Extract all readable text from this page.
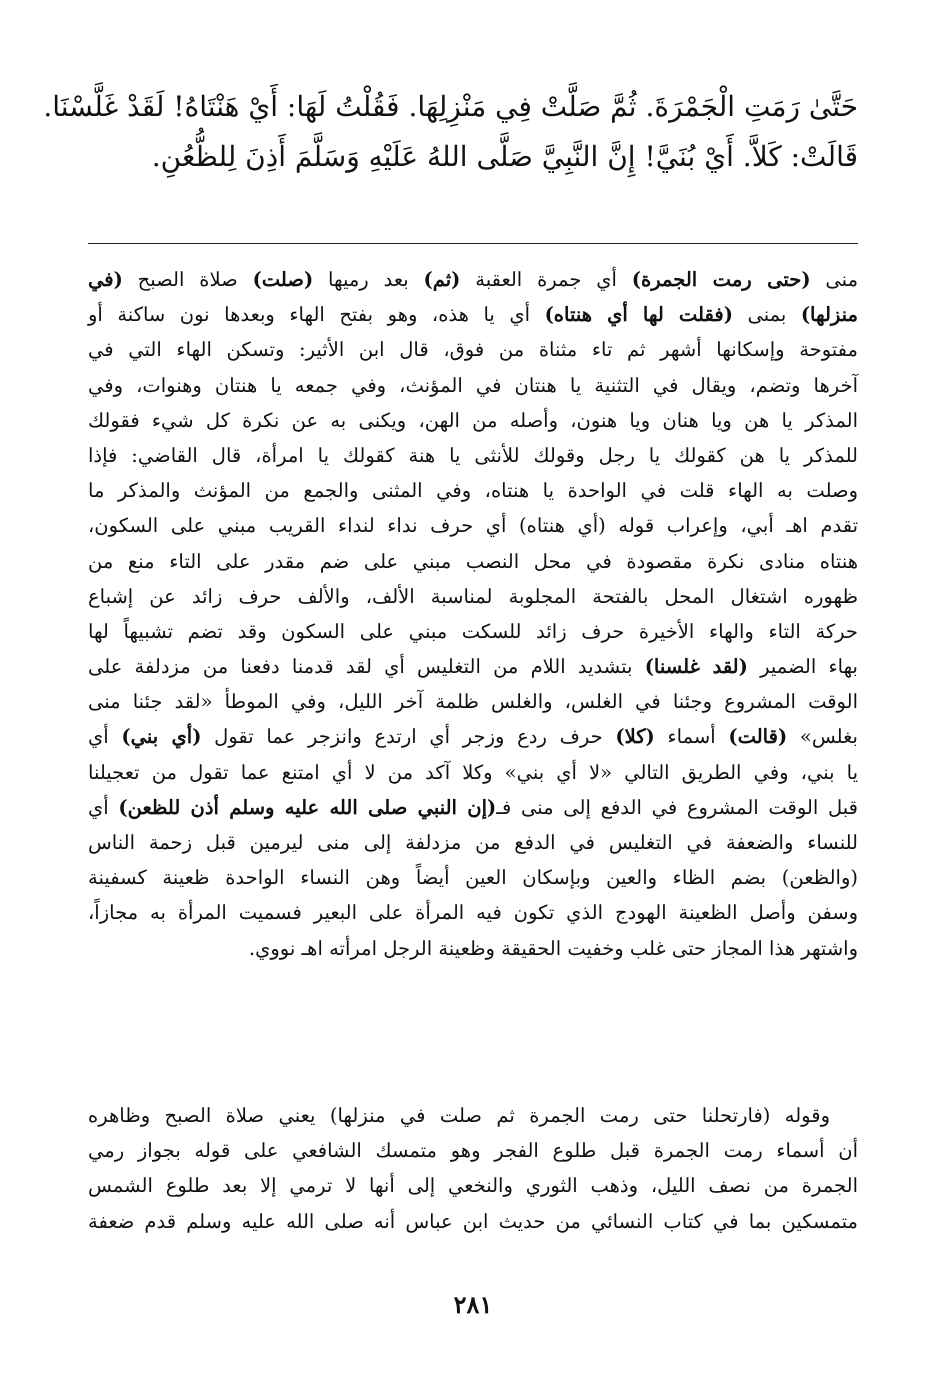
حَتَّىٰ رَمَتِ الْجَمْرَةَ. ثُمَّ صَلَّتْ فِي مَنْزِلِهَا. فَقُلْتُ لَهَا: أَيْ هَنْتَاهُ! لَقَدْ غَلَّسْنَا.

قَالَتْ: كَلاَّ. أَيْ بُنَيَّ! إِنَّ النَّبِيَّ صَلَّى اللهُ عَلَيْهِ وَسَلَّمَ أَذِنَ لِلظُّعُنِ.

منى (حتى رمت الجمرة) أي جمرة العقبة (ثم) بعد رميها (صلت) صلاة الصبح (في
منزلها) بمنى (فقلت لها أي هنتاه) أي يا هذه، وهو بفتح الهاء وبعدها نون ساكنة أو
مفتوحة وإسكانها أشهر ثم تاء مثناة من فوق، قال ابن الأثير: وتسكن الهاء التي في
آخرها وتضم، ويقال في التثنية يا هنتان في المؤنث، وفي جمعه يا هنتان وهنوات، وفي
المذكر يا هن ويا هنان ويا هنون، وأصله من الهن، ويكنى به عن نكرة كل شيء فقولك
للمذكر يا هن كقولك يا رجل وقولك للأنثى يا هنة كقولك يا امرأة، قال القاضي: فإذا
وصلت به الهاء قلت في الواحدة يا هنتاه، وفي المثنى والجمع من المؤنث والمذكر ما
تقدم اهـ أبي، وإعراب قوله (أي هنتاه) أي حرف نداء لنداء القريب مبني على السكون،
هنتاه منادى نكرة مقصودة في محل النصب مبني على ضم مقدر على التاء منع من
ظهوره اشتغال المحل بالفتحة المجلوبة لمناسبة الألف، والألف حرف زائد عن إشباع
حركة التاء والهاء الأخيرة حرف زائد للسكت مبني على السكون وقد تضم تشبيهاً لها
بهاء الضمير (لقد غلسنا) بتشديد اللام من التغليس أي لقد قدمنا دفعنا من مزدلفة على
الوقت المشروع وجئنا في الغلس، والغلس ظلمة آخر الليل، وفي الموطأ «لقد جئنا منى
بغلس» (قالت) أسماء (كلا) حرف ردع وزجر أي ارتدع وانزجر عما تقول (أي بني) أي
يا بني، وفي الطريق التالي «لا أي بني» وكلا آكد من لا أي امتنع عما تقول من تعجيلنا
قبل الوقت المشروع في الدفع إلى منى فـ(إن النبي صلى الله عليه وسلم أذن للظعن) أي
للنساء والضعفة في التغليس في الدفع من مزدلفة إلى منى ليرمين قبل زحمة الناس
(والظعن) بضم الظاء والعين وبإسكان العين أيضاً وهن النساء الواحدة ظعينة كسفينة
وسفن وأصل الظعينة الهودج الذي تكون فيه المرأة على البعير فسميت المرأة به مجازاً،
واشتهر هذا المجاز حتى غلب وخفيت الحقيقة وظعينة الرجل امرأته اهـ نووي.
وقوله (فارتحلنا حتى رمت الجمرة ثم صلت في منزلها) يعني صلاة الصبح وظاهره
أن أسماء رمت الجمرة قبل طلوع الفجر وهو متمسك الشافعي على قوله بجواز رمي
الجمرة من نصف الليل، وذهب الثوري والنخعي إلى أنها لا ترمي إلا بعد طلوع الشمس
متمسكين بما في كتاب النسائي من حديث ابن عباس أنه صلى الله عليه وسلم قدم ضعفة
٢٨١
